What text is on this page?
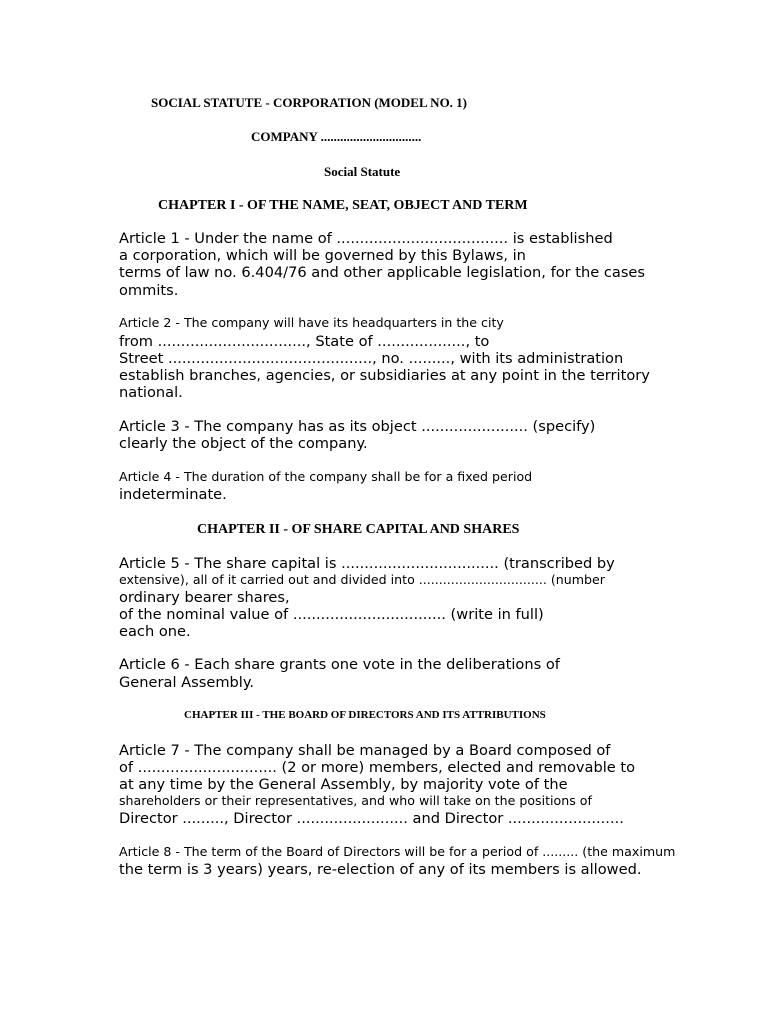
SOCIAL STATUTE - CORPORATION (MODEL NO. 1)
COMPANY ...............................
Social Statute
CHAPTER I - OF THE NAME, SEAT, OBJECT AND TERM
Article 1 - Under the name of ..................................... is established
a corporation, which will be governed by this Bylaws, in
terms of law no. 6.404/76 and other applicable legislation, for the cases
ommits.
Article 2 - The company will have its headquarters in the city
from ................................, State of ..................., to
Street ............................................, no. ........., with its administration
establish branches, agencies, or subsidiaries at any point in the territory
national.
Article 3 - The company has as its object ....................... (specify)
clearly the object of the company.
Article 4 - The duration of the company shall be for a fixed period
indeterminate.
CHAPTER II - OF SHARE CAPITAL AND SHARES
Article 5 - The share capital is .................................. (transcribed by
extensive), all of it carried out and divided into ................................ (number
ordinary bearer shares,
of the nominal value of ................................. (write in full)
each one.
Article 6 - Each share grants one vote in the deliberations of
General Assembly.
CHAPTER III - THE BOARD OF DIRECTORS AND ITS ATTRIBUTIONS
Article 7 - The company shall be managed by a Board composed of
of .............................. (2 or more) members, elected and removable to
at any time by the General Assembly, by majority vote of the
shareholders or their representatives, and who will take on the positions of
Director ........., Director ........................ and Director .........................
Article 8 - The term of the Board of Directors will be for a period of ......... (the maximum
the term is 3 years) years, re-election of any of its members is allowed.
